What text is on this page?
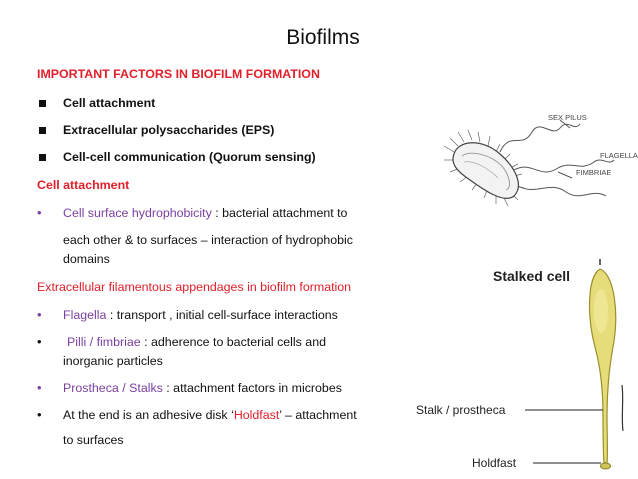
Biofilms
IMPORTANT FACTORS IN BIOFILM FORMATION
Cell attachment
Extracellular polysaccharides (EPS)
Cell-cell communication (Quorum sensing)
Cell attachment
• Cell surface hydrophobicity : bacterial attachment to
each other & to surfaces – interaction of hydrophobic
domains
Extracellular filamentous appendages in biofilm formation
• Flagella : transport , initial cell-surface interactions
• Pilli / fimbriae : adherence to bacterial cells and
inorganic particles
• Prostheca / Stalks : attachment factors in microbes
• At the end is an adhesive disk ‘Holdfast’ – attachment
to surfaces
SEX PILUS
FLAGELLA
FIMBRIAE
Stalked cell
Stalk / prostheca
Holdfast
